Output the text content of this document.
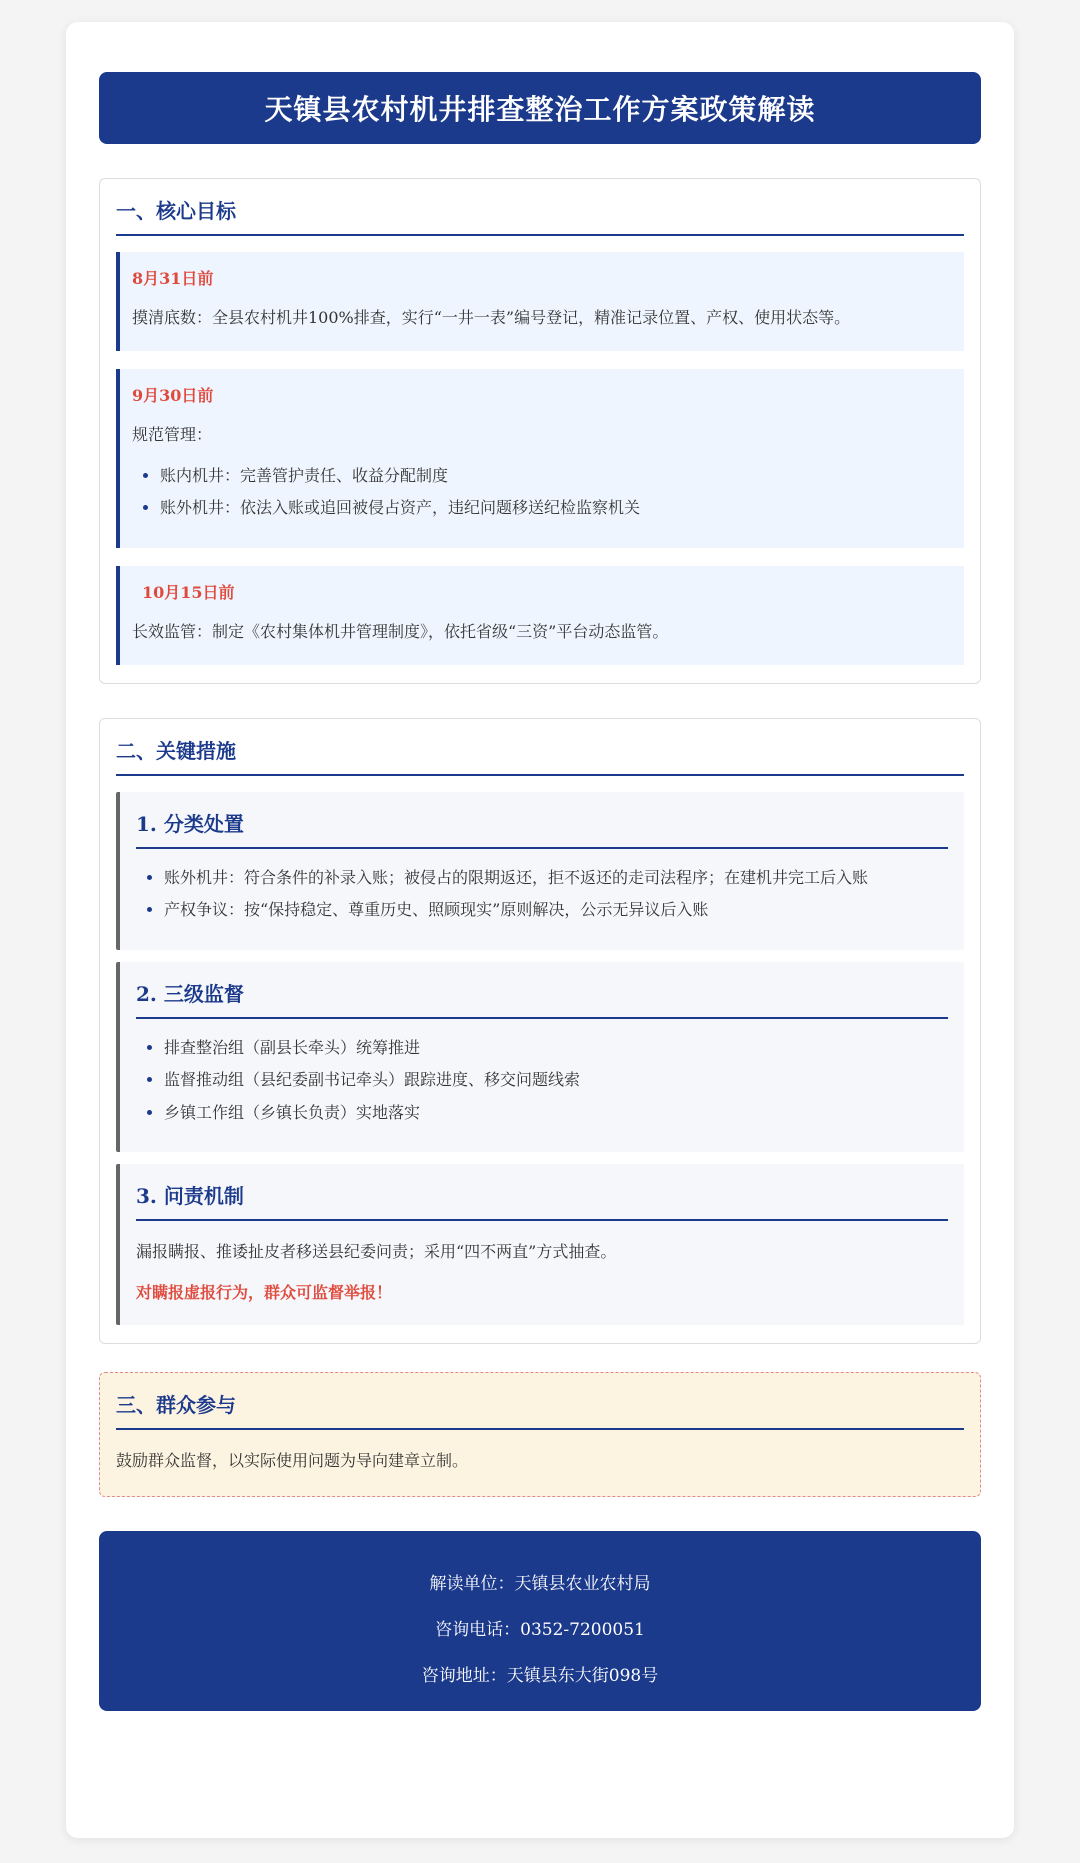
天镇县农村机井排查整治工作方案政策解读
一、核心目标

8月31日前

摸清底数：全县农村机井100%排查，实行“一井一表”编号登记，精准记录位置、产权、使用状态等。

9月30日前

规范管理：

• 账内机井：完善管护责任、收益分配制度
• 账外机井：依法入账或追回被侵占资产，违纪问题移送纪检监察机关

10月15日前

长效监管：制定《农村集体机井管理制度》，依托省级“三资”平台动态监管。

二、关键措施
1. 分类处置
• 账外机井：符合条件的补录入账；被侵占的限期返还，拒不返还的走司法程序；在建机井完工后入账
• 产权争议：按“保持稳定、尊重历史、照顾现实”原则解决，公示无异议后入账
2. 三级监督
• 排查整治组（副县长牵头）统筹推进
• 监督推动组（县纪委副书记牵头）跟踪进度、移交问题线索
• 乡镇工作组（乡镇长负责）实地落实
3. 问责机制

漏报瞒报、推诿扯皮者移送县纪委问责；采用“四不两直”方式抽查。

对瞒报虚报行为，群众可监督举报！

三、群众参与

鼓励群众监督，以实际使用问题为导向建章立制。

解读单位：天镇县农业农村局

咨询电话：0352-7200051

咨询地址：天镇县东大街098号
